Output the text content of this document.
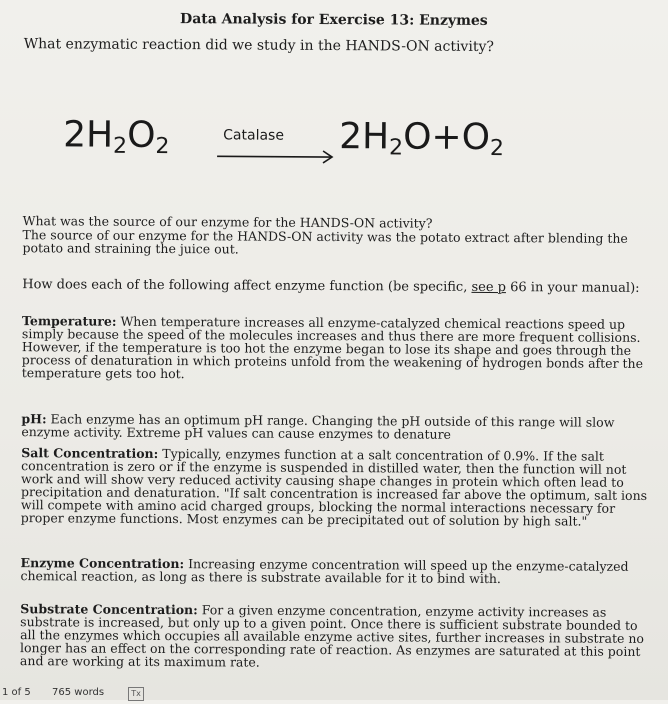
Data Analysis for Exercise 13: Enzymes
What enzymatic reaction did we study in the HANDS-ON activity?
$2H_2O_2$	Catalase → $2H_2O+O_2$
What was the source of our enzyme for the HANDS-ON activity?
The source of our enzyme for the HANDS-ON activity was the potato extract after blending the potato and straining the juice out.
How does each of the following affect enzyme function (be specific, see p 66 in your manual):
Temperature: When temperature increases all enzyme-catalyzed chemical reactions speed up simply because the speed of the molecules increases and thus there are more frequent collisions. However, if the temperature is too hot the enzyme began to lose its shape and goes through the process of denaturation in which proteins unfold from the weakening of hydrogen bonds after the temperature gets too hot.
pH: Each enzyme has an optimum pH range. Changing the pH outside of this range will slow enzyme activity. Extreme pH values can cause enzymes to denature
Salt Concentration: Typically, enzymes function at a salt concentration of 0.9%. If the salt concentration is zero or if the enzyme is suspended in distilled water, then the function will not work and will show very reduced activity causing shape changes in protein which often lead to precipitation and denaturation. "If salt concentration is increased far above the optimum, salt ions will compete with amino acid charged groups, blocking the normal interactions necessary for proper enzyme functions. Most enzymes can be precipitated out of solution by high salt."
Enzyme Concentration: Increasing enzyme concentration will speed up the enzyme-catalyzed chemical reaction, as long as there is substrate available for it to bind with.
Substrate Concentration: For a given enzyme concentration, enzyme activity increases as substrate is increased, but only up to a given point. Once there is sufficient substrate bounded to all the enzymes which occupies all available enzyme active sites, further increases in substrate no longer has an effect on the corresponding rate of reaction. As enzymes are saturated at this point and are working at its maximum rate.
1 of 5 765 words	Tx
